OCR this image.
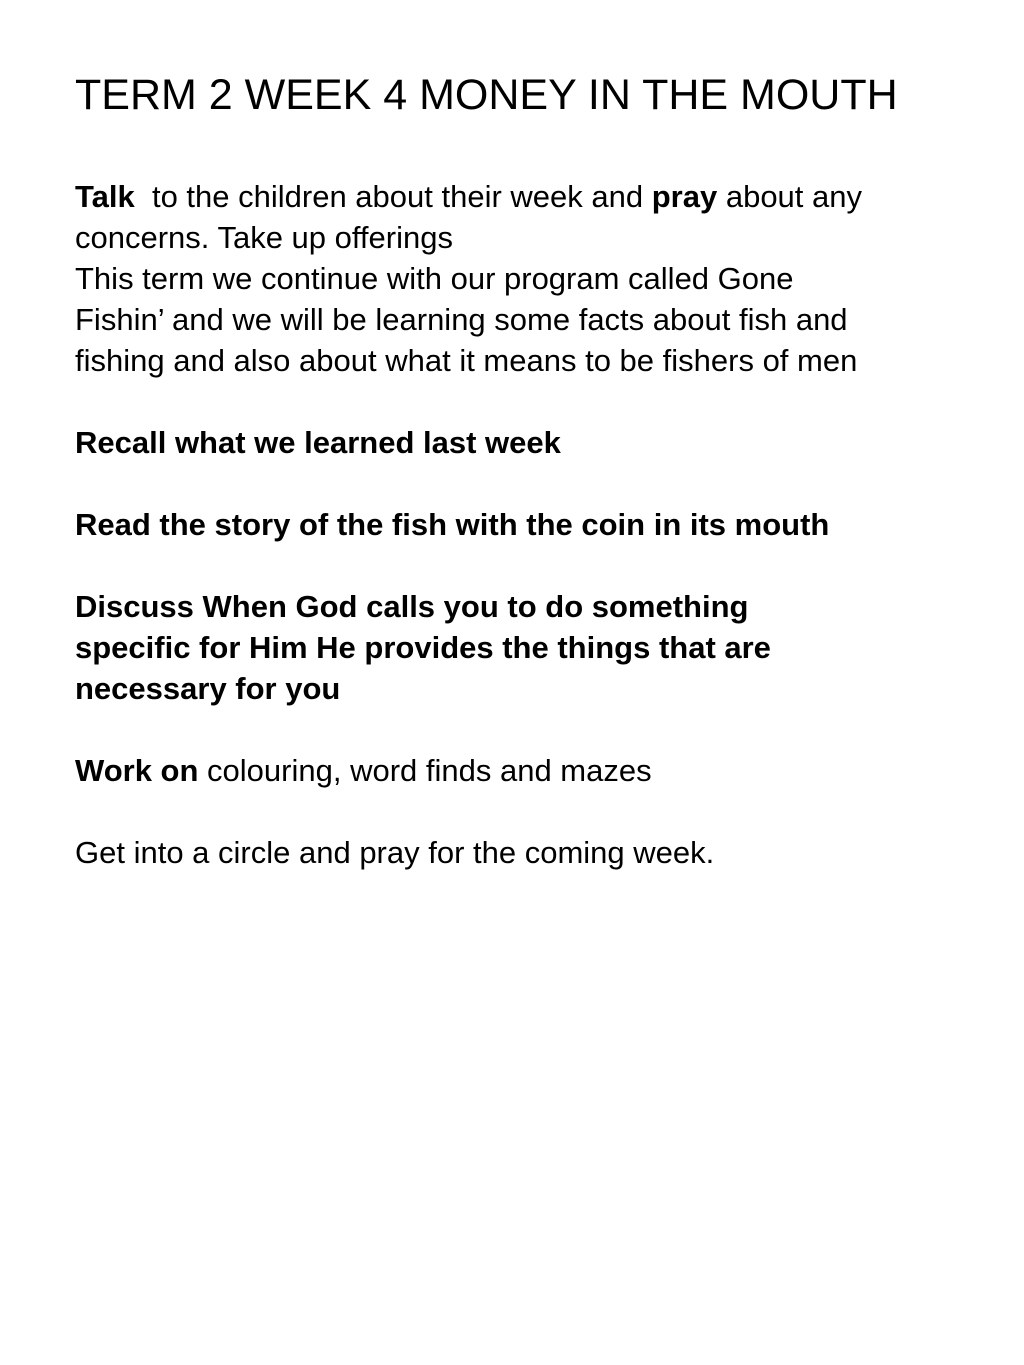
TERM 2 WEEK 4 MONEY IN THE MOUTH

Talk  to the children about their week and pray about any

concerns. Take up offerings

This term we continue with our program called Gone

Fishin’ and we will be learning some facts about fish and

fishing and also about what it means to be fishers of men

Recall what we learned last week

Read the story of the fish with the coin in its mouth

Discuss When God calls you to do something

specific for Him He provides the things that are

necessary for you

Work on colouring, word finds and mazes

Get into a circle and pray for the coming week.
